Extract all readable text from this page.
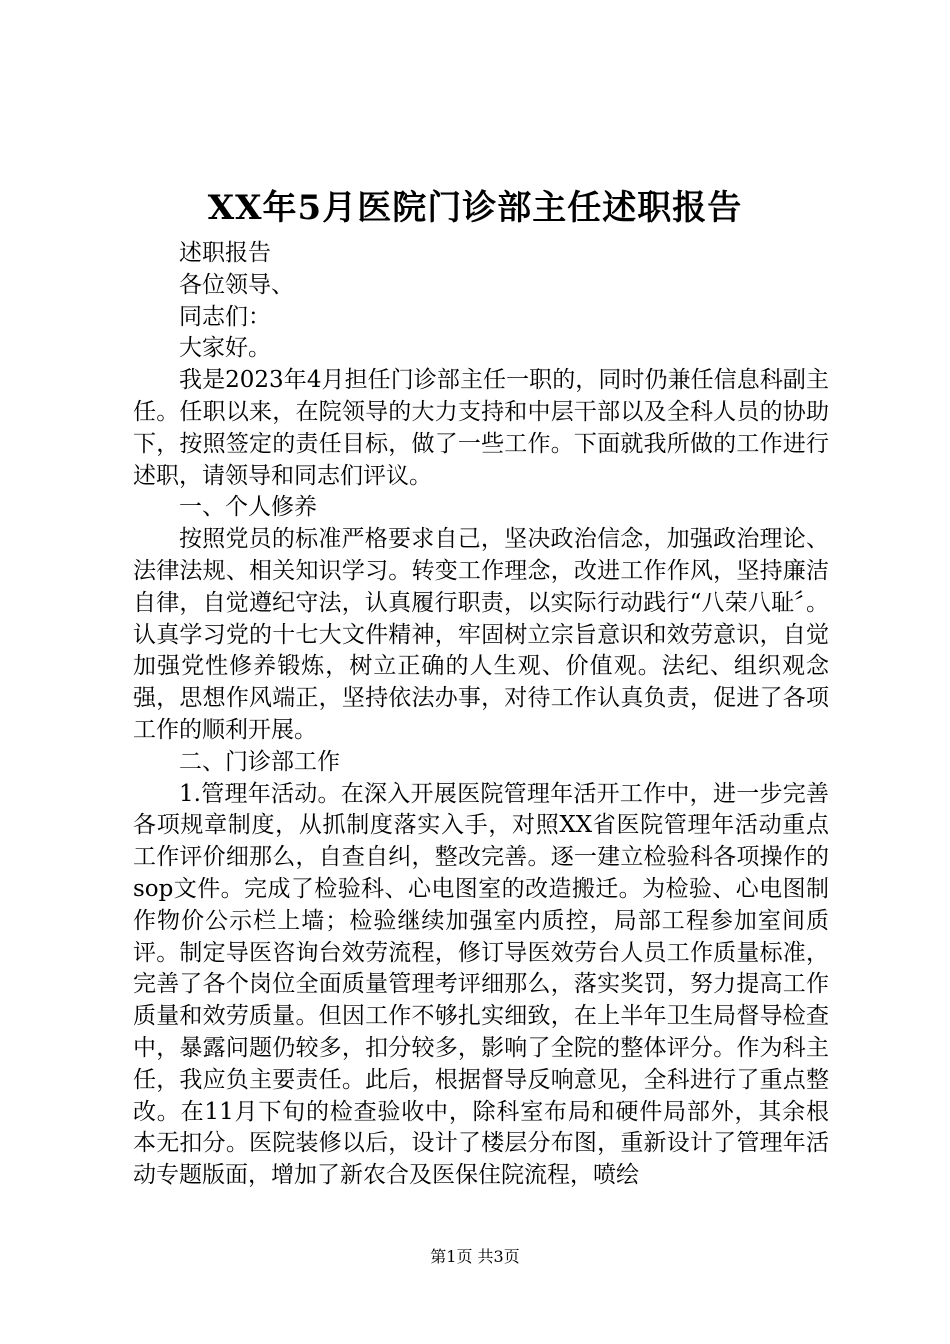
XX年5月医院门诊部主任述职报告

述职报告

各位领导、

同志们：

大家好。

我是2023年4月担任门诊部主任一职的，同时仍兼任信息科副主任。任职以来，在院领导的大力支持和中层干部以及全科人员的协助下，按照签定的责任目标，做了一些工作。下面就我所做的工作进行述职，请领导和同志们评议。

一、个人修养

按照党员的标准严格要求自己，坚决政治信念，加强政治理论、法律法规、相关知识学习。转变工作理念，改进工作作风，坚持廉洁自律，自觉遵纪守法，认真履行职责，以实际行动践行“八荣八耻〞。认真学习党的十七大文件精神，牢固树立宗旨意识和效劳意识，自觉加强党性修养锻炼，树立正确的人生观、价值观。法纪、组织观念强，思想作风端正，坚持依法办事，对待工作认真负责，促进了各项工作的顺利开展。

二、门诊部工作

1.管理年活动。在深入开展医院管理年活开工作中，进一步完善各项规章制度，从抓制度落实入手，对照XX省医院管理年活动重点工作评价细那么，自查自纠，整改完善。逐一建立检验科各项操作的sop文件。完成了检验科、心电图室的改造搬迁。为检验、心电图制作物价公示栏上墙；检验继续加强室内质控，局部工程参加室间质评。制定导医咨询台效劳流程，修订导医效劳台人员工作质量标准，完善了各个岗位全面质量管理考评细那么，落实奖罚，努力提高工作质量和效劳质量。但因工作不够扎实细致，在上半年卫生局督导检查中，暴露问题仍较多，扣分较多，影响了全院的整体评分。作为科主任，我应负主要责任。此后，根据督导反响意见，全科进行了重点整改。在11月下旬的检查验收中，除科室布局和硬件局部外，其余根本无扣分。医院装修以后，设计了楼层分布图，重新设计了管理年活动专题版面，增加了新农合及医保住院流程，喷绘

第1页 共3页
